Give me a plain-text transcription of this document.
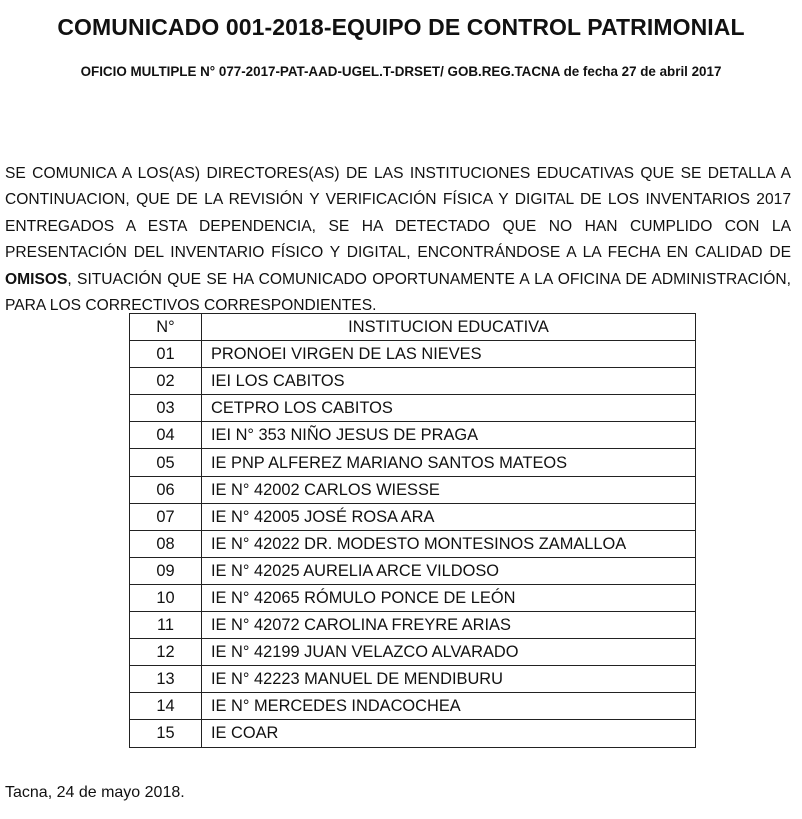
COMUNICADO 001-2018-EQUIPO DE CONTROL PATRIMONIAL
OFICIO MULTIPLE N° 077-2017-PAT-AAD-UGEL.T-DRSET/ GOB.REG.TACNA de fecha 27 de abril 2017

SE COMUNICA A LOS(AS) DIRECTORES(AS) DE LAS INSTITUCIONES EDUCATIVAS QUE SE DETALLA A CONTINUACION, QUE DE LA REVISIÓN Y VERIFICACIÓN FÍSICA Y DIGITAL DE LOS INVENTARIOS 2017 ENTREGADOS A ESTA DEPENDENCIA, SE HA DETECTADO QUE NO HAN CUMPLIDO CON LA PRESENTACIÓN DEL INVENTARIO FÍSICO Y DIGITAL, ENCONTRÁNDOSE A LA FECHA EN CALIDAD DE OMISOS, SITUACIÓN QUE SE HA COMUNICADO OPORTUNAMENTE A LA OFICINA DE ADMINISTRACIÓN, PARA LOS CORRECTIVOS CORRESPONDIENTES.

N°	INSTITUCION EDUCATIVA
01	PRONOEI VIRGEN DE LAS NIEVES
02	IEI LOS CABITOS
03	CETPRO LOS CABITOS
04	IEI N° 353 NIÑO JESUS DE PRAGA
05	IE PNP ALFEREZ MARIANO SANTOS MATEOS
06	IE N° 42002 CARLOS WIESSE
07	IE N° 42005 JOSÉ ROSA ARA
08	IE N° 42022 DR. MODESTO MONTESINOS ZAMALLOA
09	IE N° 42025 AURELIA ARCE VILDOSO
10	IE N° 42065 RÓMULO PONCE DE LEÓN
11	IE N° 42072 CAROLINA FREYRE ARIAS
12	IE N° 42199 JUAN VELAZCO ALVARADO
13	IE N° 42223 MANUEL DE MENDIBURU
14	IE N° MERCEDES INDACOCHEA
15	IE COAR
Tacna, 24 de mayo 2018.
